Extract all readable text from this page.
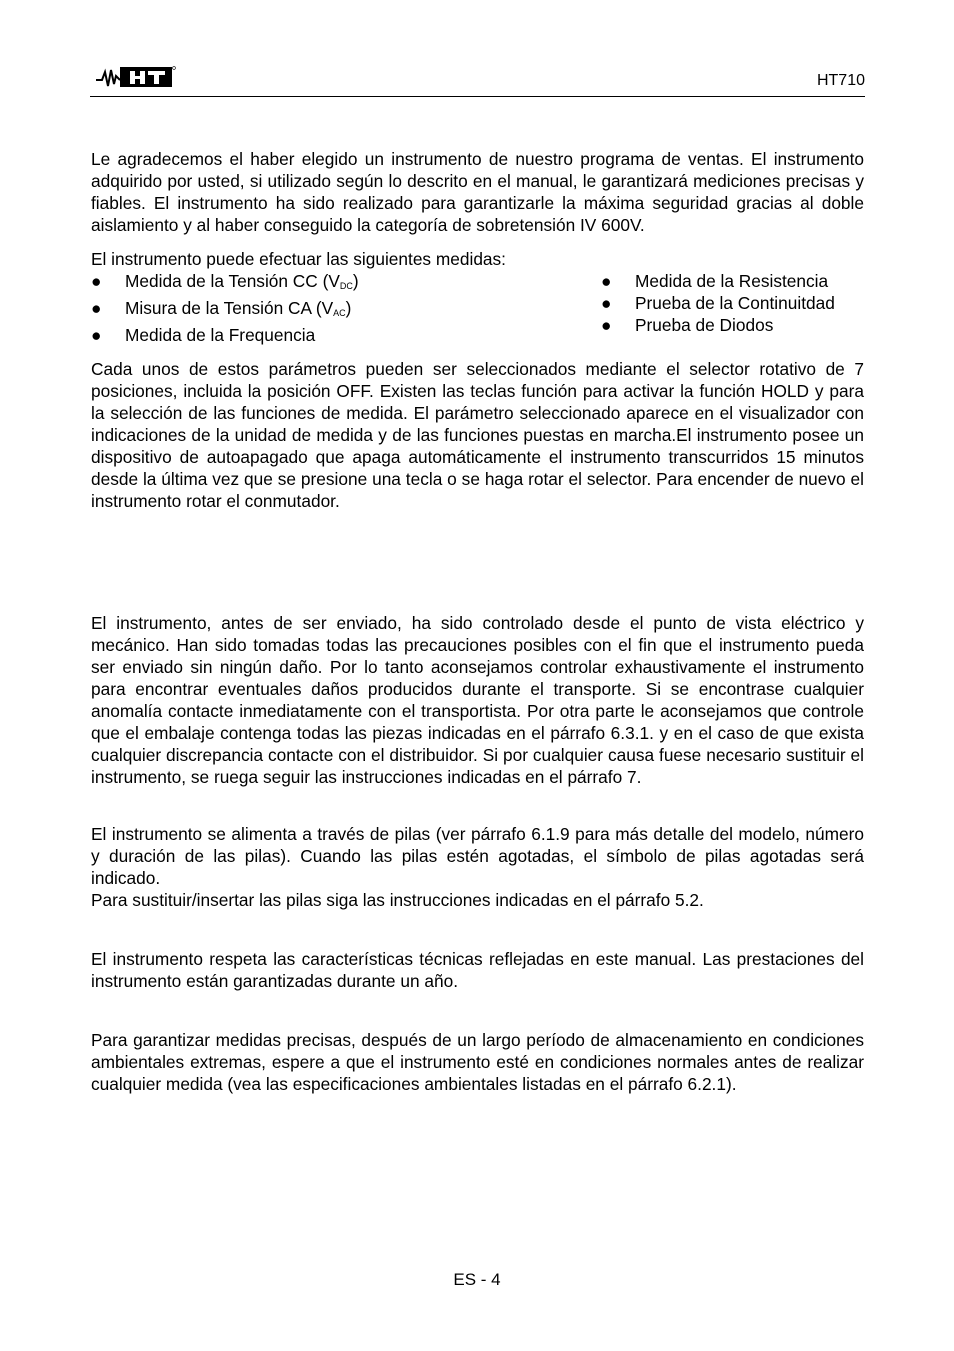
HT710

Le agradecemos el haber elegido un instrumento de nuestro programa de ventas. El instrumento adquirido por usted, si utilizado según lo descrito en el manual, le garantizará mediciones precisas y fiables. El instrumento ha sido realizado para garantizarle la máxima seguridad gracias al doble aislamiento y al haber conseguido la categoría de sobretensión IV 600V.

El instrumento puede efectuar las siguientes medidas:

●	Medida de la Tensión CC $(V_{DC})$
●	Misura de la Tensión CA $(V_{AC})$
●	Medida de la Frequencia
●	Medida de la Resistencia
●	Prueba de la Continuitdad
●	Prueba de Diodos

Cada unos de estos parámetros pueden ser seleccionados mediante el selector rotativo de 7 posiciones, incluida la posición OFF. Existen las teclas función para activar la función HOLD y para la selección de las funciones de medida. El parámetro seleccionado aparece en el visualizador con indicaciones de la unidad de medida y de las funciones puestas en marcha.El instrumento posee un dispositivo de autoapagado que apaga automáticamente el instrumento transcurridos 15 minutos desde la última vez que se presione una tecla o se haga rotar el selector. Para encender de nuevo el instrumento rotar el conmutador.

El instrumento, antes de ser enviado, ha sido controlado desde el punto de vista eléctrico y mecánico. Han sido tomadas todas las precauciones posibles con el fin que el instrumento pueda ser enviado sin ningún daño. Por lo tanto aconsejamos controlar exhaustivamente el instrumento para encontrar eventuales daños producidos durante el transporte. Si se encontrase cualquier anomalía contacte inmediatamente con el transportista. Por otra parte le aconsejamos que controle que el embalaje contenga todas las piezas indicadas en el párrafo 6.3.1. y en el caso de que exista cualquier discrepancia contacte con el distribuidor. Si por cualquier causa fuese necesario sustituir el instrumento, se ruega seguir las instrucciones indicadas en el párrafo 7.

El instrumento se alimenta a través de pilas (ver párrafo 6.1.9 para más detalle del modelo, número y duración de las pilas). Cuando las pilas estén agotadas, el símbolo de pilas agotadas será indicado.

Para sustituir/insertar las pilas siga las instrucciones indicadas en el párrafo 5.2.

El instrumento respeta las características técnicas reflejadas en este manual. Las prestaciones del instrumento están garantizadas durante un año.

Para garantizar medidas precisas, después de un largo período de almacenamiento en condiciones ambientales extremas, espere a que el instrumento esté en condiciones normales antes de realizar cualquier medida (vea las especificaciones ambientales listadas en el párrafo 6.2.1).

ES - 4
